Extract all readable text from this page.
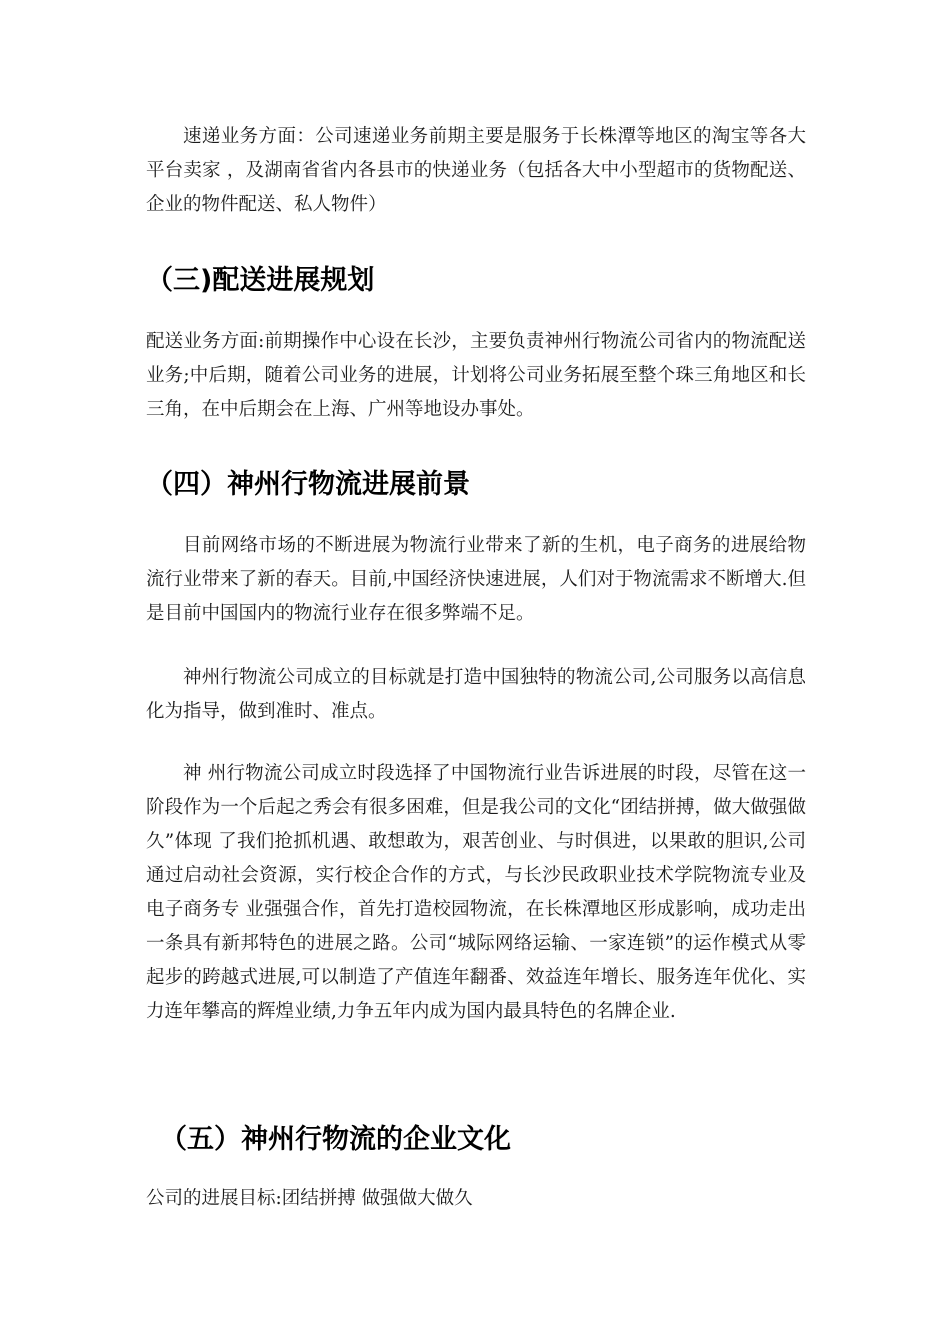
速递业务方面：公司速递业务前期主要是服务于长株潭等地区的淘宝等各大平台卖家 ，及湖南省省内各县市的快递业务（包括各大中小型超市的货物配送、企业的物件配送、私人物件）

（三)配送进展规划

配送业务方面:前期操作中心设在长沙，主要负责神州行物流公司省内的物流配送业务;中后期，随着公司业务的进展，计划将公司业务拓展至整个珠三角地区和长三角，在中后期会在上海、广州等地设办事处。

（四）神州行物流进展前景

目前网络市场的不断进展为物流行业带来了新的生机，电子商务的进展给物流行业带来了新的春天。目前,中国经济快速进展，人们对于物流需求不断增大.但是目前中国国内的物流行业存在很多弊端不足。

神州行物流公司成立的目标就是打造中国独特的物流公司,公司服务以高信息化为指导，做到准时、准点。

神 州行物流公司成立时段选择了中国物流行业告诉进展的时段，尽管在这一阶段作为一个后起之秀会有很多困难，但是我公司的文化“团结拼搏，做大做强做久”体现 了我们抢抓机遇、敢想敢为，艰苦创业、与时俱进，以果敢的胆识,公司通过启动社会资源，实行校企合作的方式，与长沙民政职业技术学院物流专业及电子商务专 业强强合作，首先打造校园物流，在长株潭地区形成影响，成功走出一条具有新邦特色的进展之路。公司“城际网络运输、一家连锁”的运作模式从零起步的跨越式进展,可以制造了产值连年翻番、效益连年增长、服务连年优化、实力连年攀高的辉煌业绩,力争五年内成为国内最具特色的名牌企业.

（五）神州行物流的企业文化

公司的进展目标:团结拼搏 做强做大做久
